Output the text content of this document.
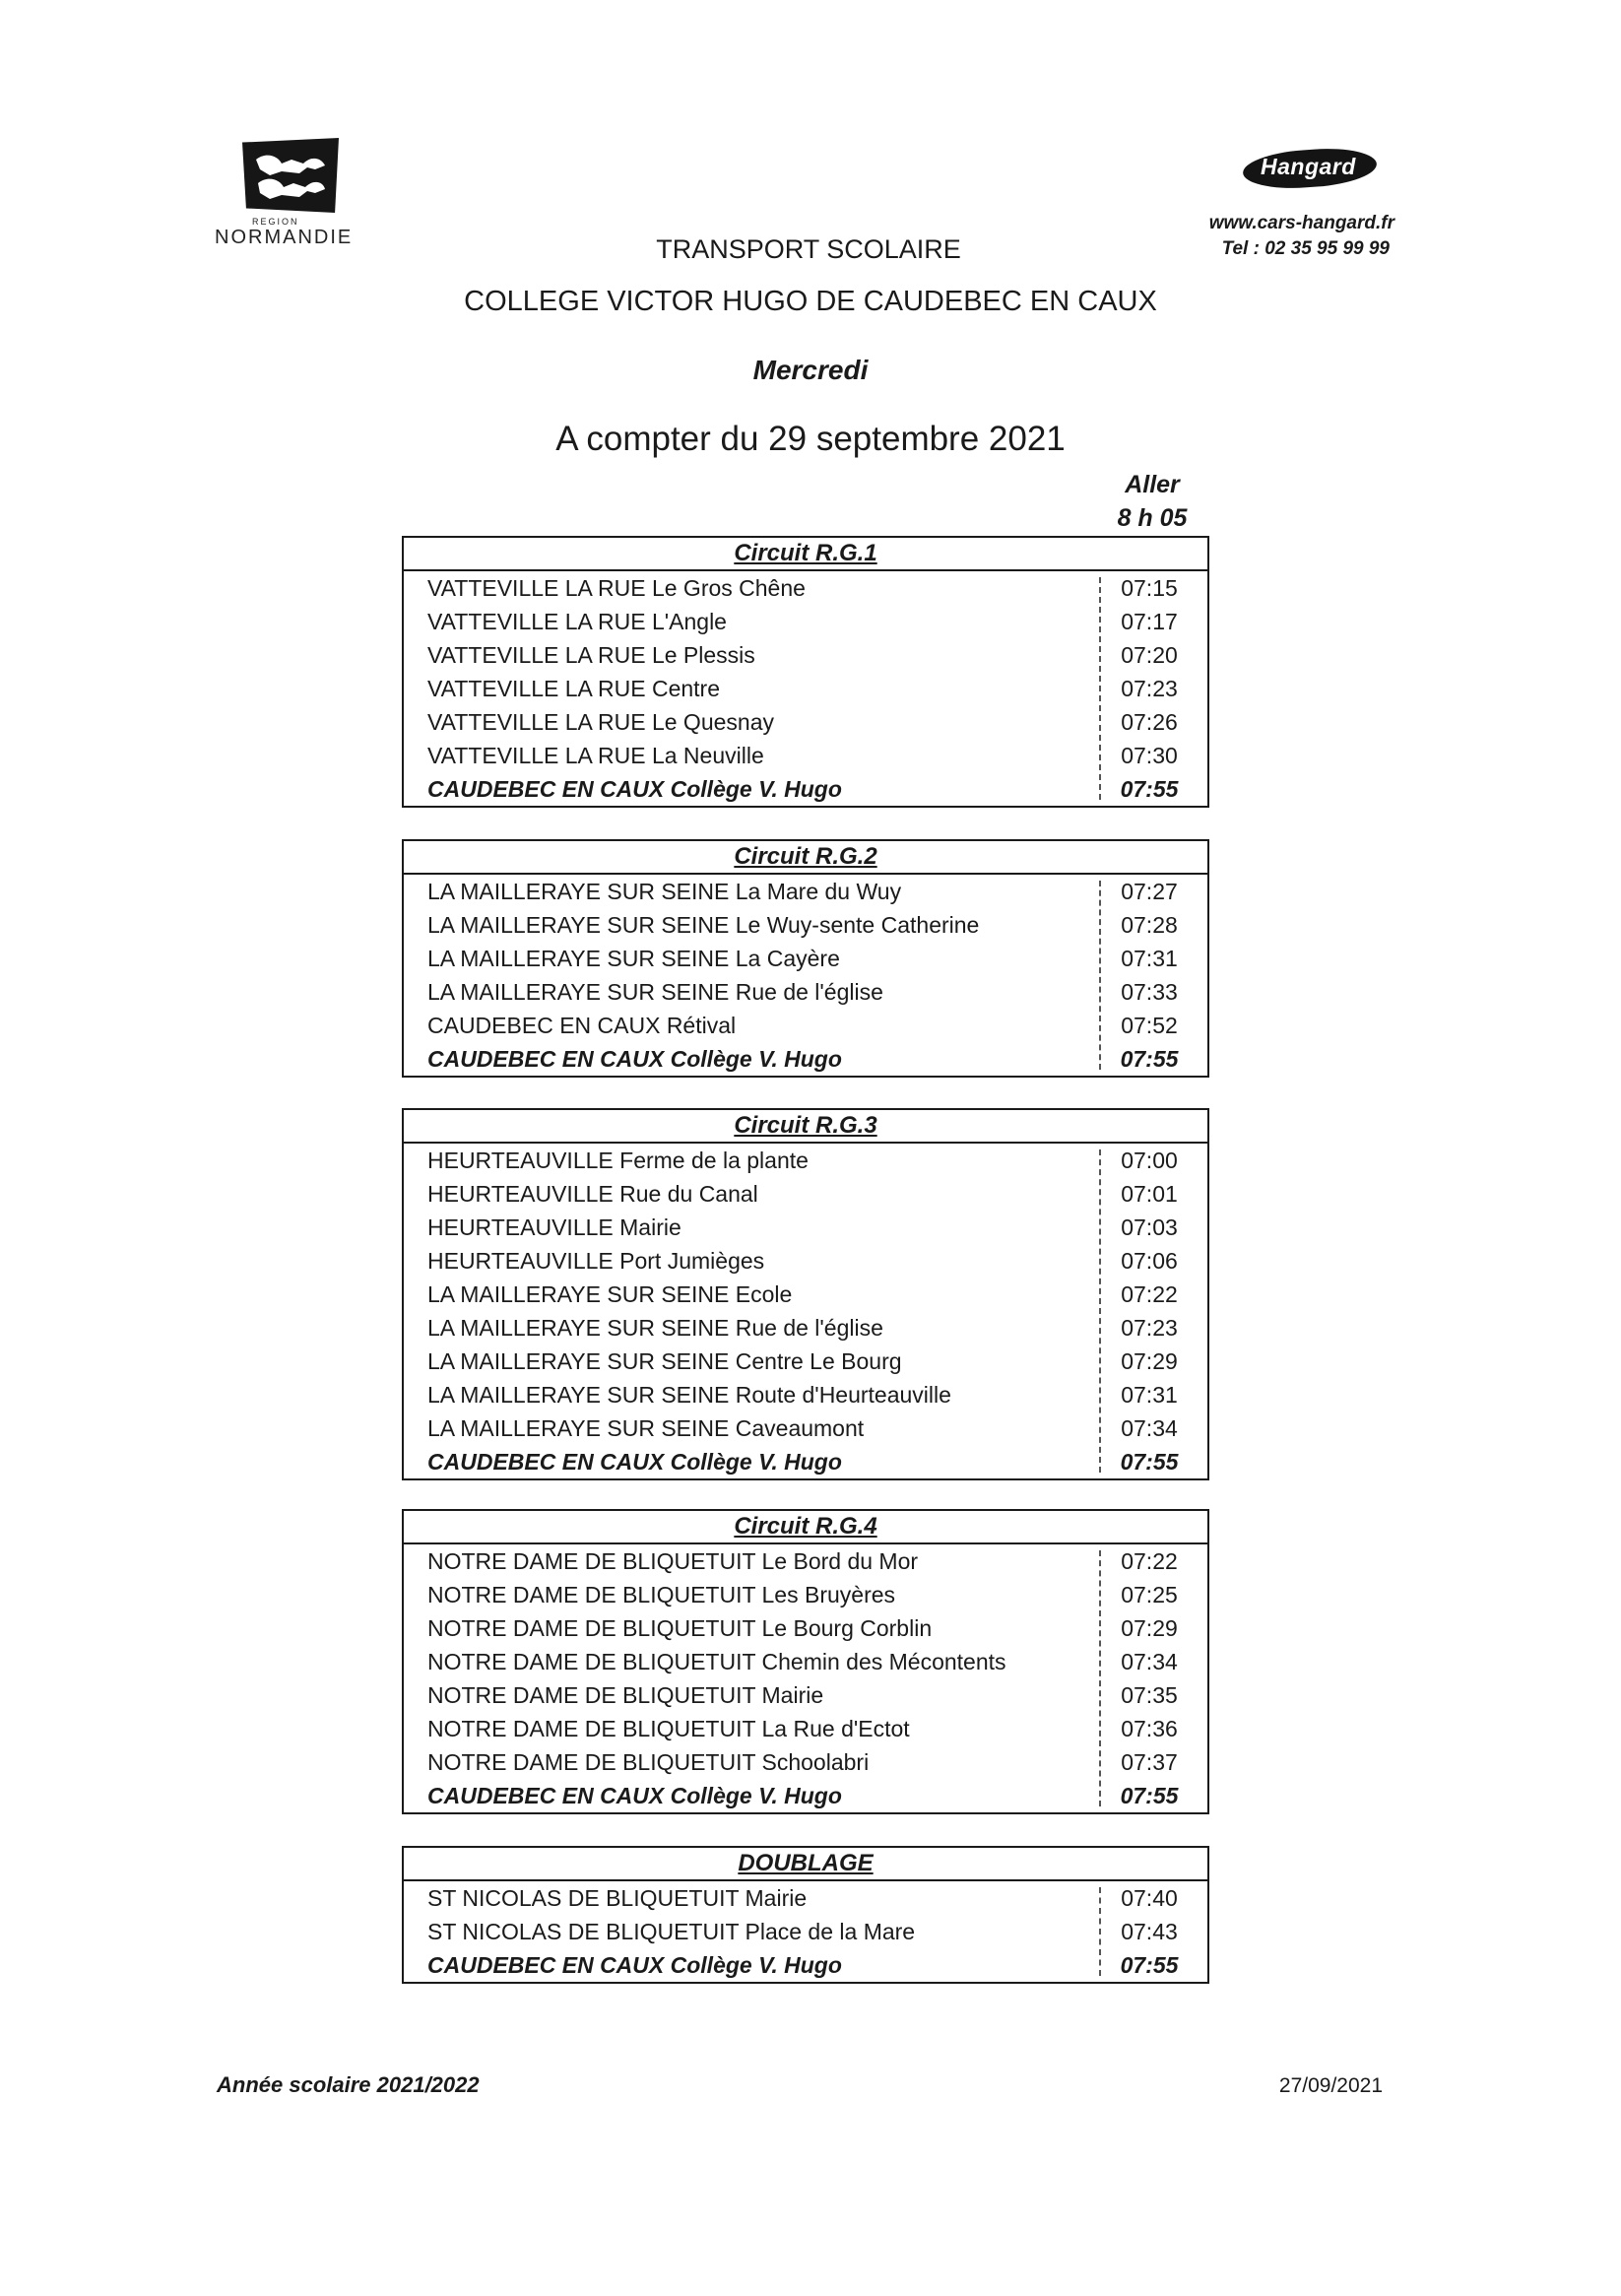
REGION
NORMANDIE
Hangard
www.cars-hangard.fr
Tel : 02 35 95 99 99
TRANSPORT SCOLAIRE
COLLEGE VICTOR HUGO DE CAUDEBEC EN CAUX
Mercredi
A compter du 29 septembre 2021
Aller
8 h 05
Circuit R.G.1
VATTEVILLE LA RUE Le Gros Chêne	07:15
VATTEVILLE LA RUE L'Angle	07:17
VATTEVILLE LA RUE Le Plessis	07:20
VATTEVILLE LA RUE Centre	07:23
VATTEVILLE LA RUE Le Quesnay	07:26
VATTEVILLE LA RUE La Neuville	07:30
CAUDEBEC EN CAUX Collège V. Hugo	07:55
Circuit R.G.2
LA MAILLERAYE SUR SEINE La Mare du Wuy	07:27
LA MAILLERAYE SUR SEINE Le Wuy-sente Catherine	07:28
LA MAILLERAYE SUR SEINE La Cayère	07:31
LA MAILLERAYE SUR SEINE Rue de l'église	07:33
CAUDEBEC EN CAUX Rétival	07:52
CAUDEBEC EN CAUX Collège V. Hugo	07:55
Circuit R.G.3
HEURTEAUVILLE Ferme de la plante	07:00
HEURTEAUVILLE Rue du Canal	07:01
HEURTEAUVILLE Mairie	07:03
HEURTEAUVILLE Port Jumièges	07:06
LA MAILLERAYE SUR SEINE Ecole	07:22
LA MAILLERAYE SUR SEINE Rue de l'église	07:23
LA MAILLERAYE SUR SEINE Centre Le Bourg	07:29
LA MAILLERAYE SUR SEINE Route d'Heurteauville	07:31
LA MAILLERAYE SUR SEINE Caveaumont	07:34
CAUDEBEC EN CAUX Collège V. Hugo	07:55
Circuit R.G.4
NOTRE DAME DE BLIQUETUIT Le Bord du Mor	07:22
NOTRE DAME DE BLIQUETUIT Les Bruyères	07:25
NOTRE DAME DE BLIQUETUIT Le Bourg Corblin	07:29
NOTRE DAME DE BLIQUETUIT Chemin des Mécontents	07:34
NOTRE DAME DE BLIQUETUIT Mairie	07:35
NOTRE DAME DE BLIQUETUIT La Rue d'Ectot	07:36
NOTRE DAME DE BLIQUETUIT Schoolabri	07:37
CAUDEBEC EN CAUX Collège V. Hugo	07:55
DOUBLAGE
ST NICOLAS DE BLIQUETUIT Mairie	07:40
ST NICOLAS DE BLIQUETUIT Place de la Mare	07:43
CAUDEBEC EN CAUX Collège V. Hugo	07:55
Année scolaire 2021/2022	27/09/2021
